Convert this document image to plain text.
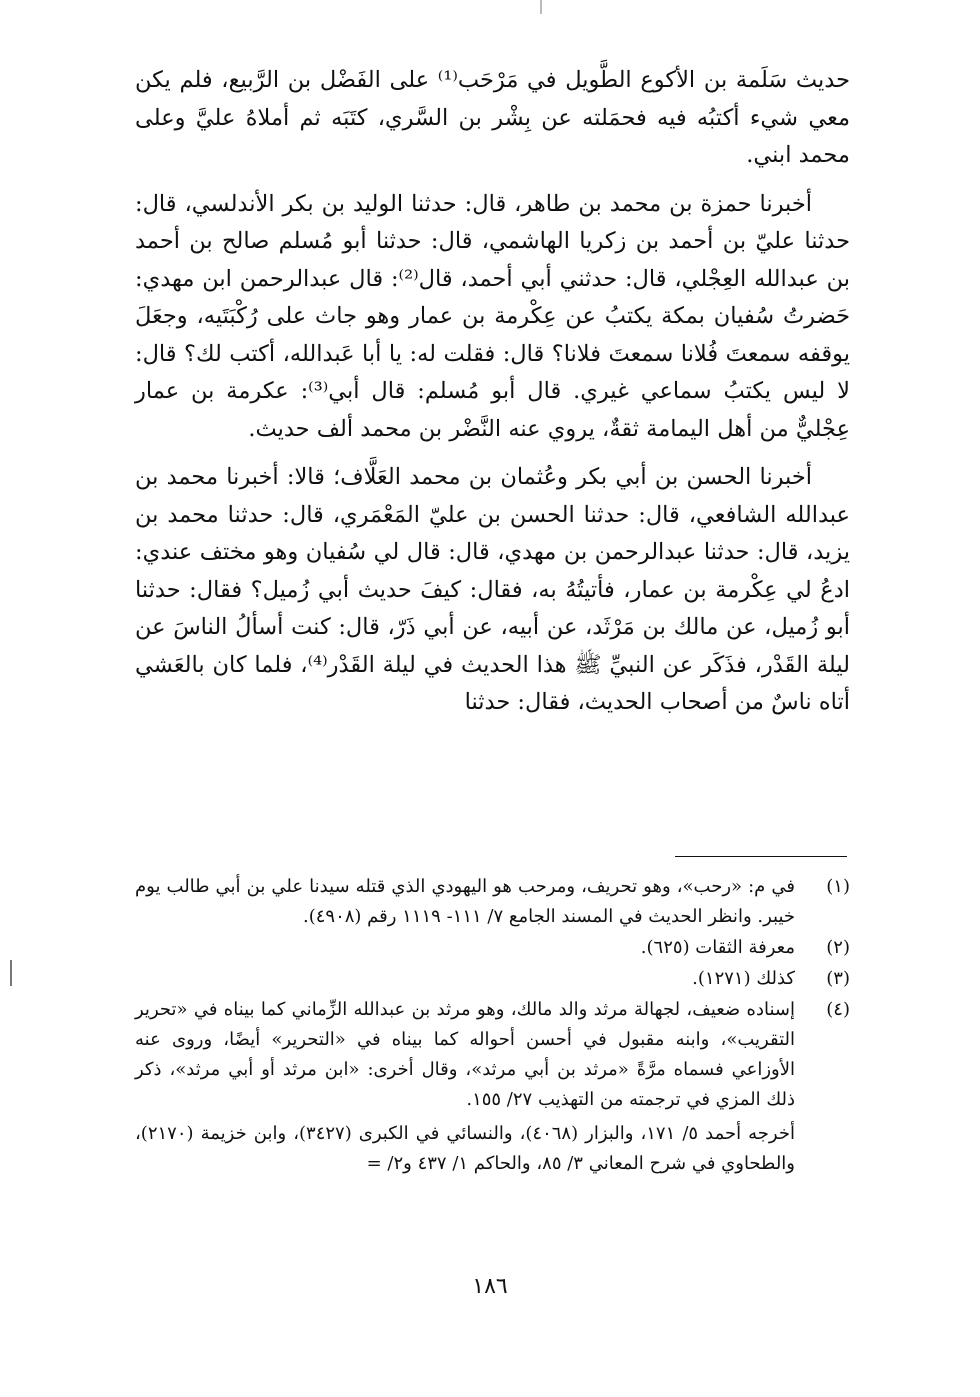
حديث سَلَمة بن الأكوع الطَّويل في مَرْحَب⁽¹⁾ على الفَضْل بن الرَّبيع، فلم يكن معي شيء أكتبُه فيه فحمَلته عن بِشْر بن السَّري، كتَبَه ثم أملاهُ عليَّ وعلى محمد ابني.

أخبرنا حمزة بن محمد بن طاهر، قال: حدثنا الوليد بن بكر الأندلسي، قال: حدثنا عليّ بن أحمد بن زكريا الهاشمي، قال: حدثنا أبو مُسلم صالح بن أحمد بن عبدالله العِجْلي، قال: حدثني أبي أحمد، قال⁽²⁾: قال عبدالرحمن ابن مهدي: حَضرتُ سُفيان بمكة يكتبُ عن عِكْرمة بن عمار وهو جاث على رُكْبَتَيه، وجعَلَ يوقفه سمعتَ فُلانا سمعتَ فلانا؟ قال: فقلت له: يا أبا عَبدالله، أكتب لك؟ قال: لا ليس يكتبُ سماعي غيري. قال أبو مُسلم: قال أبي⁽³⁾: عكرمة بن عمار عِجْليٌّ من أهل اليمامة ثقةٌ، يروي عنه النَّضْر بن محمد ألف حديث.

أخبرنا الحسن بن أبي بكر وعُثمان بن محمد العَلَّاف؛ قالا: أخبرنا محمد بن عبدالله الشافعي، قال: حدثنا الحسن بن عليّ المَعْمَري، قال: حدثنا محمد بن يزيد، قال: حدثنا عبدالرحمن بن مهدي، قال: قال لي سُفيان وهو مختف عندي: ادعُ لي عِكْرمة بن عمار، فأتيتُهُ به، فقال: كيفَ حديث أبي زُميل؟ فقال: حدثنا أبو زُميل، عن مالك بن مَرْثَد، عن أبيه، عن أبي ذَرّ، قال: كنت أسألُ الناسَ عن ليلة القَدْر، فذَكَر عن النبيِّ ﷺ هذا الحديث في ليلة القَدْر⁽⁴⁾، فلما كان بالعَشي أتاه ناسٌ من أصحاب الحديث، فقال: حدثنا

(١)
في م: «رحب»، وهو تحريف، ومرحب هو اليهودي الذي قتله سيدنا علي بن أبي طالب يوم خيبر. وانظر الحديث في المسند الجامع ٧/ ١١١- ١١١٩ رقم (٤٩٠٨).
(٢)
معرفة الثقات (٦٢٥).
(٣)
كذلك (١٢٧١).
(٤)
إسناده ضعيف، لجهالة مرثد والد مالك، وهو مرثد بن عبدالله الزِّماني كما بيناه في «تحرير التقريب»، وابنه مقبول في أحسن أحواله كما بيناه في «التحرير» أيضًا، وروى عنه الأوزاعي فسماه مرَّةً «مرثد بن أبي مرثد»، وقال أخرى: «ابن مرثد أو أبي مرثد»، ذكر ذلك المزي في ترجمته من التهذيب ٢٧/ ١٥٥.
أخرجه أحمد ٥/ ١٧١، والبزار (٤٠٦٨)، والنسائي في الكبرى (٣٤٢٧)، وابن خزيمة (٢١٧٠)، والطحاوي في شرح المعاني ٣/ ٨٥، والحاكم ١/ ٤٣٧ و٢/ =
١٨٦
